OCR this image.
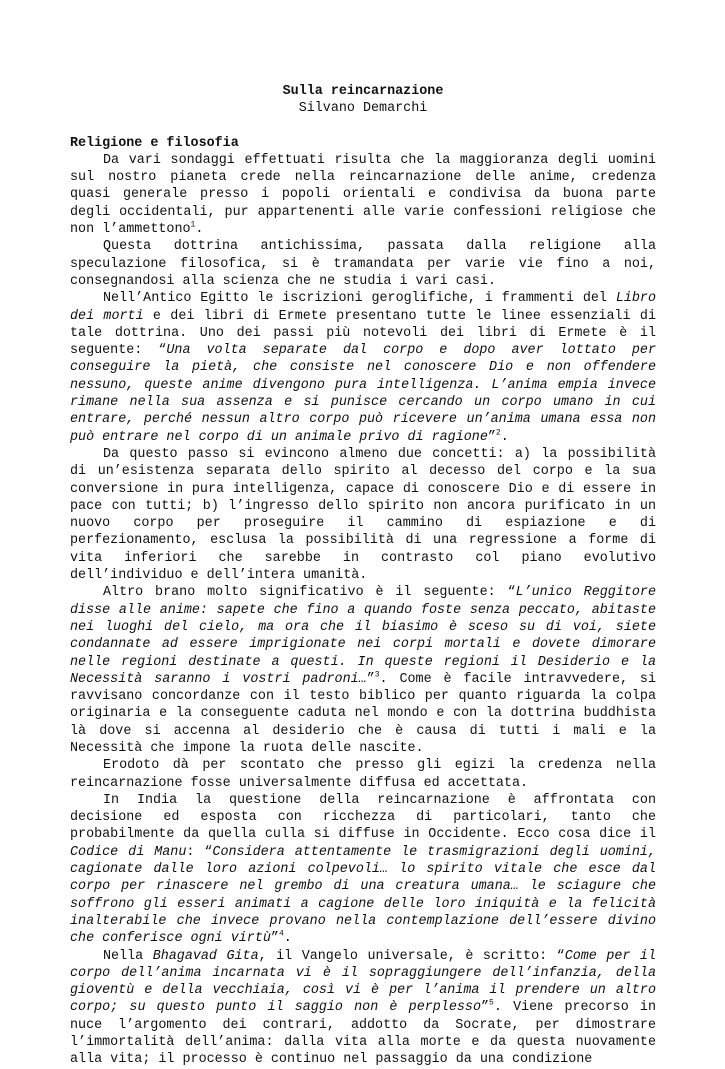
Sulla reincarnazione
Silvano Demarchi
Religione e filosofia

Da vari sondaggi effettuati risulta che la maggioranza degli uomini sul nostro pianeta crede nella reincarnazione delle anime, credenza quasi generale presso i popoli orientali e condivisa da buona parte degli occidentali, pur appartenenti alle varie confessioni religiose che non l’ammettono$^1$.

Questa dottrina antichissima, passata dalla religione alla speculazione filosofica, si è tramandata per varie vie fino a noi, consegnandosi alla scienza che ne studia i vari casi.

Nell’Antico Egitto le iscrizioni geroglifiche, i frammenti del Libro dei morti e dei libri di Ermete presentano tutte le linee essenziali di tale dottrina. Uno dei passi più notevoli dei libri di Ermete è il seguente: “Una volta separate dal corpo e dopo aver lottato per conseguire la pietà, che consiste nel conoscere Dio e non offendere nessuno, queste anime divengono pura intelligenza. L’anima empia invece rimane nella sua assenza e si punisce cercando un corpo umano in cui entrare, perché nessun altro corpo può ricevere un’anima umana essa non può entrare nel corpo di un animale privo di ragione”$^2$.

Da questo passo si evincono almeno due concetti: a) la possibilità di un’esistenza separata dello spirito al decesso del corpo e la sua conversione in pura intelligenza, capace di conoscere Dio e di essere in pace con tutti; b) l’ingresso dello spirito non ancora purificato in un nuovo corpo per proseguire il cammino di espiazione e di perfezionamento, esclusa la possibilità di una regressione a forme di vita inferiori che sarebbe in contrasto col piano evolutivo dell’individuo e dell’intera umanità.

Altro brano molto significativo è il seguente: “L’unico Reggitore disse alle anime: sapete che fino a quando foste senza peccato, abitaste nei luoghi del cielo, ma ora che il biasimo è sceso su di voi, siete condannate ad essere imprigionate nei corpi mortali e dovete dimorare nelle regioni destinate a questi. In queste regioni il Desiderio e la Necessità saranno i vostri padroni…”$^3$. Come è facile intravvedere, si ravvisano concordanze con il testo biblico per quanto riguarda la colpa originaria e la conseguente caduta nel mondo e con la dottrina buddhista là dove si accenna al desiderio che è causa di tutti i mali e la Necessità che impone la ruota delle nascite.

Erodoto dà per scontato che presso gli egizi la credenza nella reincarnazione fosse universalmente diffusa ed accettata.

In India la questione della reincarnazione è affrontata con decisione ed esposta con ricchezza di particolari, tanto che probabilmente da quella culla si diffuse in Occidente. Ecco cosa dice il Codice di Manu: “Considera attentamente le trasmigrazioni degli uomini, cagionate dalle loro azioni colpevoli… lo spirito vitale che esce dal corpo per rinascere nel grembo di una creatura umana… le sciagure che soffrono gli esseri animati a cagione delle loro iniquità e la felicità inalterabile che invece provano nella contemplazione dell’essere divino che conferisce ogni virtù”$^4$.

Nella Bhagavad Gita, il Vangelo universale, è scritto: “Come per il corpo dell’anima incarnata vi è il sopraggiungere dell’infanzia, della gioventù e della vecchiaia, così vi è per l’anima il prendere un altro corpo; su questo punto il saggio non è perplesso”$^5$. Viene precorso in nuce l’argomento dei contrari, addotto da Socrate, per dimostrare l’immortalità dell’anima: dalla vita alla morte e da questa nuovamente alla vita; il processo è continuo nel passaggio da una condizione
